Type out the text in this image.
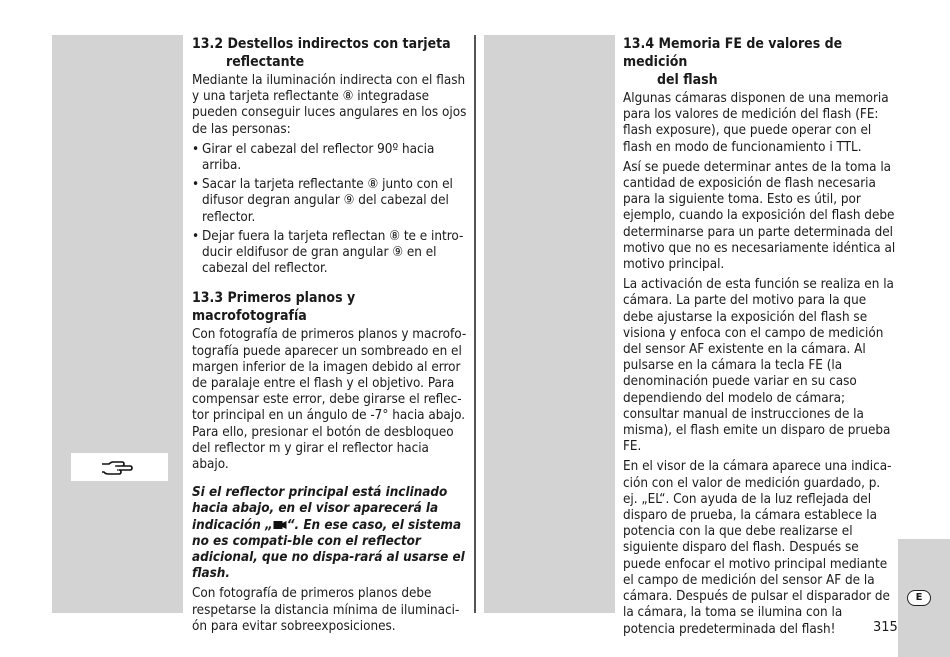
13.2 Destellos indirectos con tarjeta
reflectante

Mediante la iluminación indirecta con el flash y una tarjeta reflectante ⑧ integradase pueden conseguir luces angulares en los ojos de las personas:

• Girar el cabezal del reflector 90º hacia arriba.
• Sacar la tarjeta reflectante ⑧ junto con el difusor degran angular ⑨ del cabezal del reflector.
• Dejar fuera la tarjeta reflectan ⑧ te e intro-ducir eldifusor de gran angular ⑨ en el cabezal del reflector.
13.3 Primeros planos y macrofotografía

Con fotografía de primeros planos y macrofo-tografía puede aparecer un sombreado en el margen inferior de la imagen debido al error de paralaje entre el flash y el objetivo. Para compensar este error, debe girarse el reflec-tor principal en un ángulo de -7° hacia abajo. Para ello, presionar el botón de desbloqueo del reflector m y girar el reflector hacia abajo.

Si el reflector principal está inclinado hacia abajo, en el visor aparecerá la indicación „ “. En ese caso, el sistema no es compati-ble con el reflector adicional, que no dispa-rará al usarse el flash.

Con fotografía de primeros planos debe respetarse la distancia mínima de iluminaci-ón para evitar sobreexposiciones.

13.4 Memoria FE de valores de medición
del flash

Algunas cámaras disponen de una memoria para los valores de medición del flash (FE: flash exposure), que puede operar con el flash en modo de funcionamiento i TTL.

Así se puede determinar antes de la toma la cantidad de exposición de flash necesaria para la siguiente toma. Esto es útil, por ejemplo, cuando la exposición del flash debe determinarse para un parte determinada del motivo que no es necesariamente idéntica al motivo principal.

La activación de esta función se realiza en la cámara. La parte del motivo para la que debe ajustarse la exposición del flash se visiona y enfoca con el campo de medición del sensor AF existente en la cámara. Al pulsarse en la cámara la tecla FE (la denominación puede variar en su caso dependiendo del modelo de cámara; consultar manual de instrucciones de la misma), el flash emite un disparo de prueba FE.

En el visor de la cámara aparece una indica-ción con el valor de medición guardado, p. ej. „EL“. Con ayuda de la luz reflejada del disparo de prueba, la cámara establece la potencia con la que debe realizarse el siguiente disparo del flash. Después se puede enfocar el motivo principal mediante el campo de medición del sensor AF de la cámara. Después de pulsar el disparador de la cámara, la toma se ilumina con la potencia predeterminada del flash!

E
315
